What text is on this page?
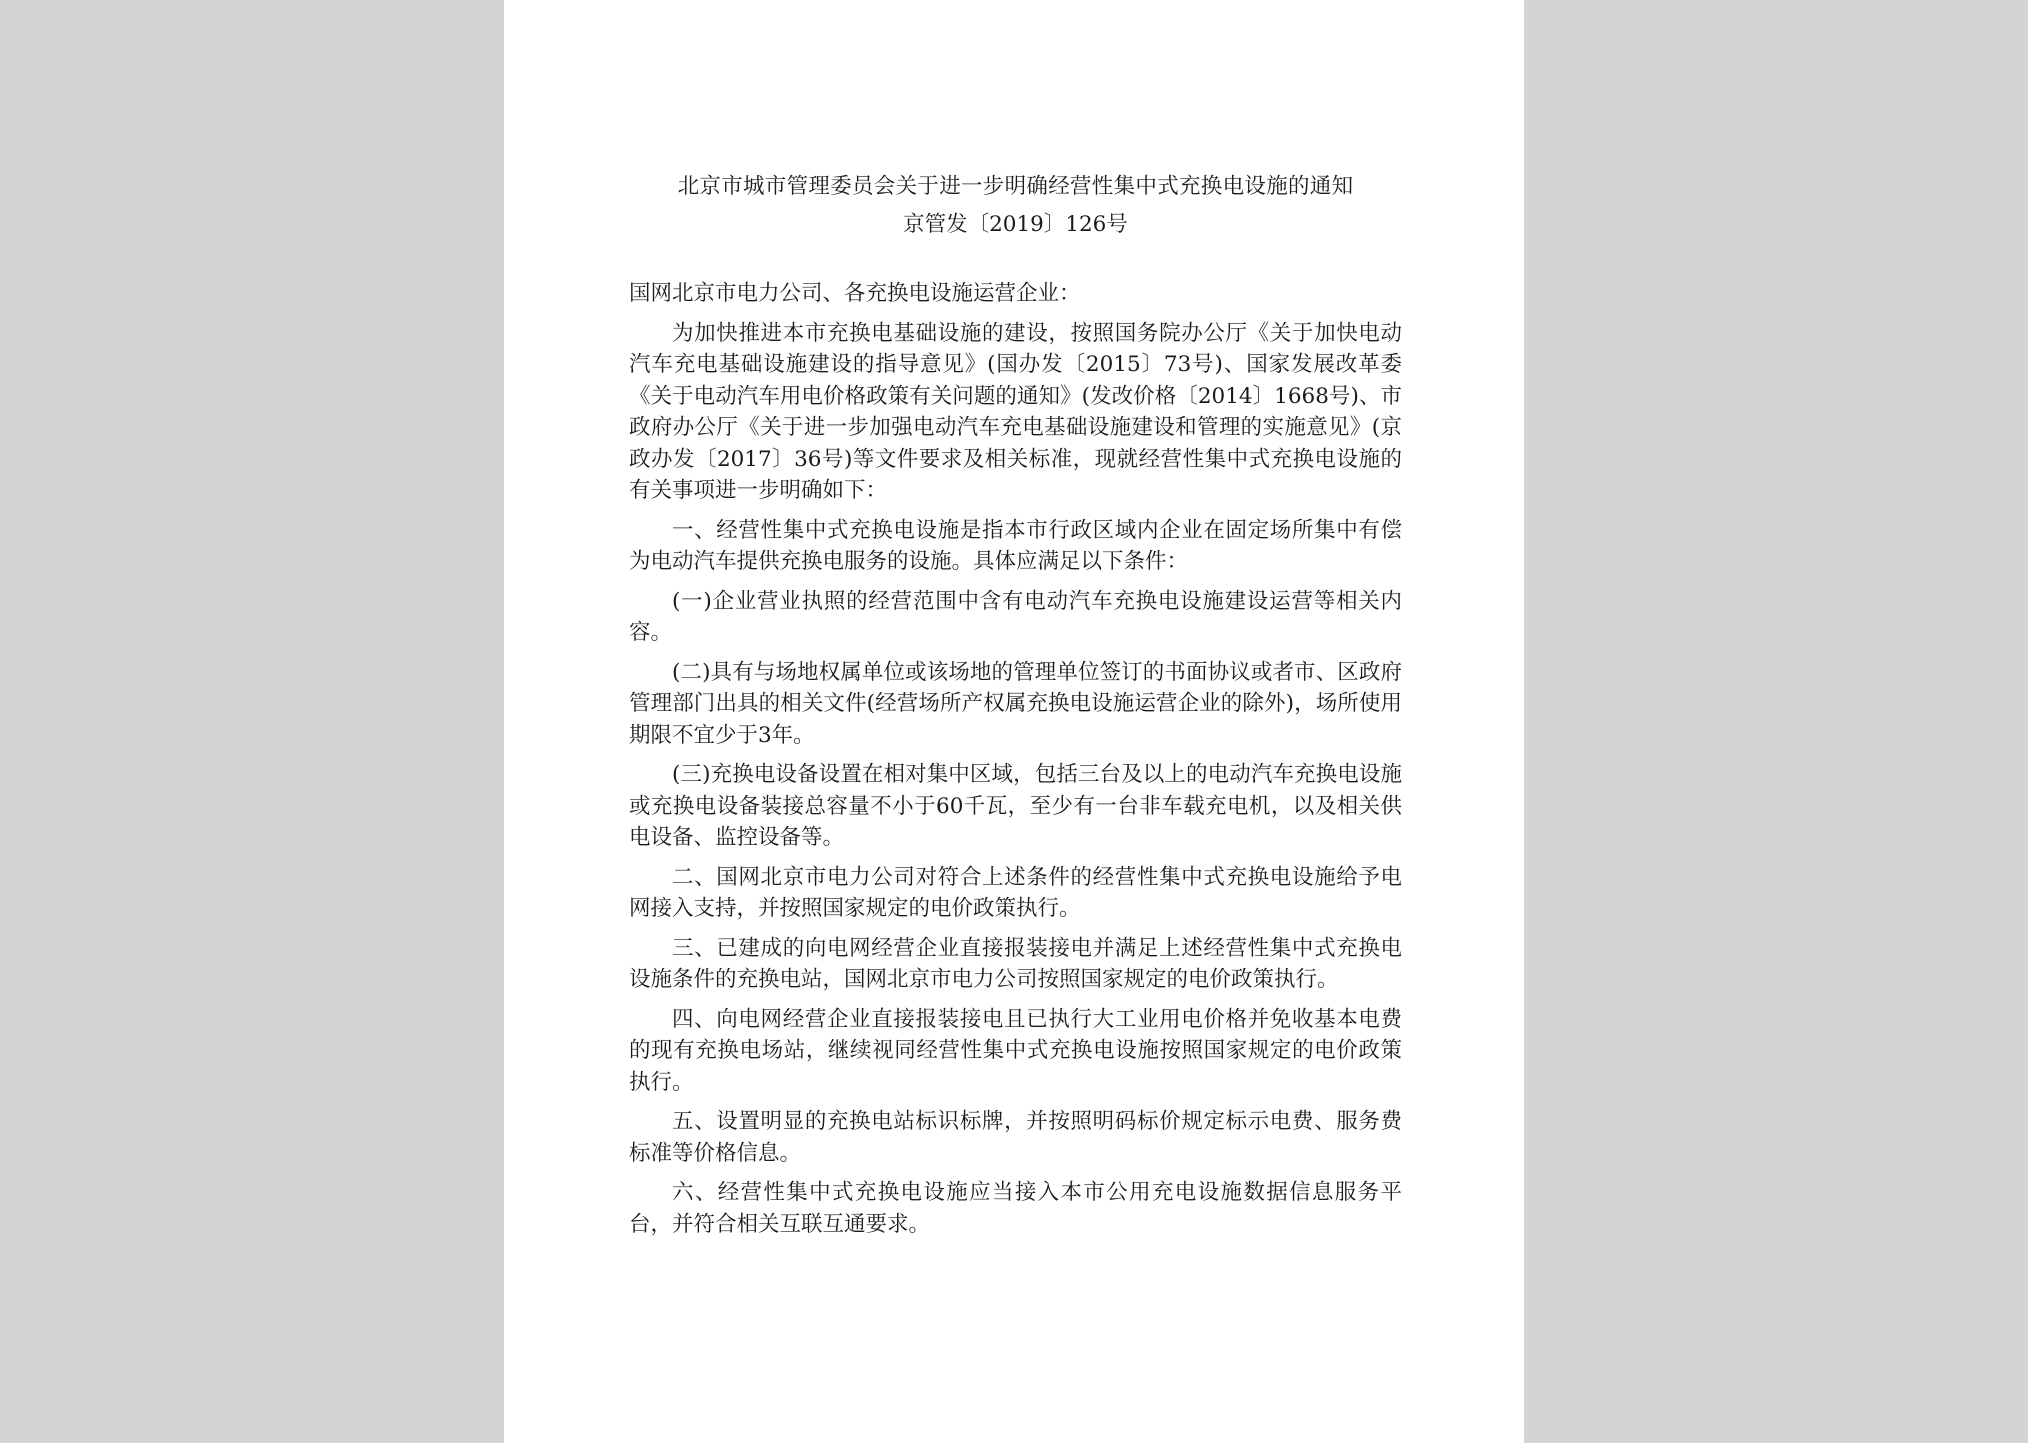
北京市城市管理委员会关于进一步明确经营性集中式充换电设施的通知

京管发〔2019〕126号

国网北京市电力公司、各充换电设施运营企业：

为加快推进本市充换电基础设施的建设，按照国务院办公厅《关于加快电动汽车充电基础设施建设的指导意见》(国办发〔2015〕73号)、国家发展改革委《关于电动汽车用电价格政策有关问题的通知》(发改价格〔2014〕1668号)、市政府办公厅《关于进一步加强电动汽车充电基础设施建设和管理的实施意见》(京政办发〔2017〕36号)等文件要求及相关标准，现就经营性集中式充换电设施的有关事项进一步明确如下：

一、经营性集中式充换电设施是指本市行政区域内企业在固定场所集中有偿为电动汽车提供充换电服务的设施。具体应满足以下条件：

(一)企业营业执照的经营范围中含有电动汽车充换电设施建设运营等相关内容。

(二)具有与场地权属单位或该场地的管理单位签订的书面协议或者市、区政府管理部门出具的相关文件(经营场所产权属充换电设施运营企业的除外)，场所使用期限不宜少于3年。

(三)充换电设备设置在相对集中区域，包括三台及以上的电动汽车充换电设施或充换电设备装接总容量不小于60千瓦，至少有一台非车载充电机，以及相关供电设备、监控设备等。

二、国网北京市电力公司对符合上述条件的经营性集中式充换电设施给予电网接入支持，并按照国家规定的电价政策执行。

三、已建成的向电网经营企业直接报装接电并满足上述经营性集中式充换电设施条件的充换电站，国网北京市电力公司按照国家规定的电价政策执行。

四、向电网经营企业直接报装接电且已执行大工业用电价格并免收基本电费的现有充换电场站，继续视同经营性集中式充换电设施按照国家规定的电价政策执行。

五、设置明显的充换电站标识标牌，并按照明码标价规定标示电费、服务费标准等价格信息。

六、经营性集中式充换电设施应当接入本市公用充电设施数据信息服务平台，并符合相关互联互通要求。
